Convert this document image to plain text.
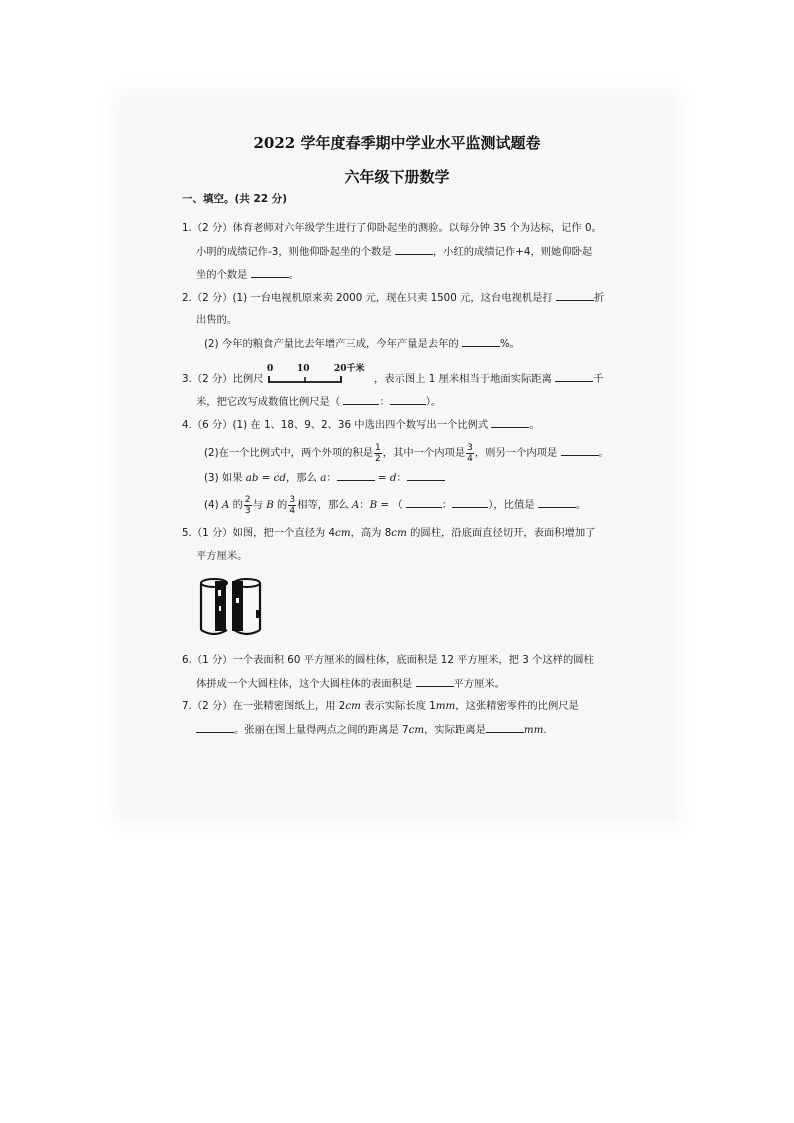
2022 学年度春季期中学业水平监测试题卷
六年级下册数学
一、填空。(共 22 分)
1.（2 分）体育老师对六年级学生进行了仰卧起坐的测验。以每分钟 35 个为达标，记作 0。
小明的成绩记作-3，则他仰卧起坐的个数是	，小红的成绩记作+4，则她仰卧起
坐的个数是	。
2.（2 分）(1) 一台电视机原来卖 2000 元，现在只卖 1500 元，这台电视机是打	折
出售的。
(2) 今年的粮食产量比去年增产三成，今年产量是去年的	%。
3.（2 分）比例尺
0	10	20千米
，表示图上 1 厘米相当于地面实际距离	千
米，把它改写成数值比例尺是（	：	）。
4.（6 分）(1) 在 1、18、9、2、36 中选出四个数写出一个比例式	。
(2)在一个比例式中，两个外项的积是 $\frac{1}{2}$ ，其中一个内项是 $\frac{3}{4}$ ，则另一个内项是	。
(3) 如果 ab = cd，那么 a：	= d：
(4) A 的 $\frac{2}{3}$ 与 B 的 $\frac{3}{4}$ 相等，那么 A：B = （	：	），比值是	。
5.（1 分）如图，把一个直径为 4cm，高为 8cm 的圆柱，沿底面直径切开，表面积增加了
平方厘米。
6.（1 分）一个表面积 60 平方厘米的圆柱体，底面积是 12 平方厘米，把 3 个这样的圆柱
体拼成一个大圆柱体，这个大圆柱体的表面积是	平方厘米。
7.（2 分）在一张精密图纸上，用 2cm 表示实际长度 1mm，这张精密零件的比例尺是
。张丽在图上量得两点之间的距离是 7cm，实际距离是	mm.
